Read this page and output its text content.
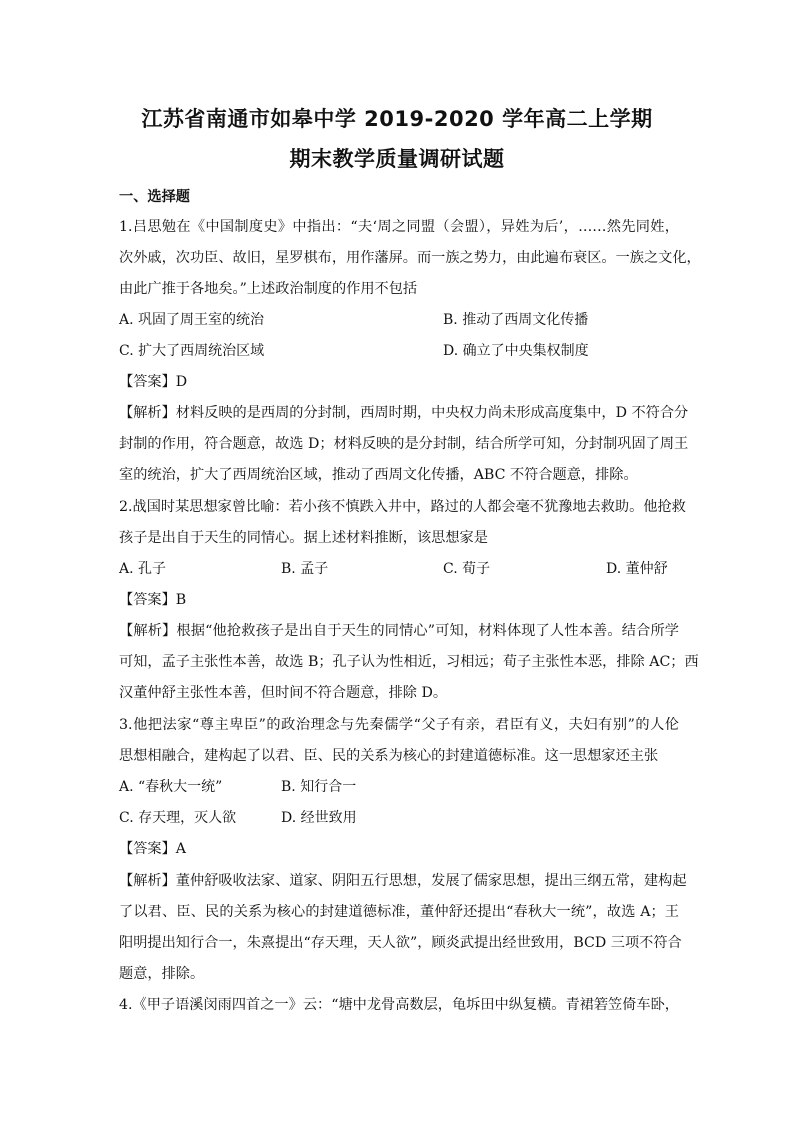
江苏省南通市如皋中学 2019-2020 学年高二上学期
期末教学质量调研试题
一、选择题
1.吕思勉在《中国制度史》中指出：“夫‘周之同盟（会盟），异姓为后’，……然先同姓，
次外戚，次功臣、故旧，星罗棋布，用作藩屏。而一族之势力，由此遍布衰区。一族之文化，
由此广推于各地矣。”上述政治制度的作用不包括
A. 巩固了周王室的统治	B. 推动了西周文化传播
C. 扩大了西周统治区域	D. 确立了中央集权制度
【答案】D
【解析】材料反映的是西周的分封制，西周时期，中央权力尚未形成高度集中，D 不符合分
封制的作用，符合题意，故选 D；材料反映的是分封制，结合所学可知，分封制巩固了周王
室的统治，扩大了西周统治区域，推动了西周文化传播，ABC 不符合题意，排除。
2.战国时某思想家曾比喻：若小孩不慎跌入井中，路过的人都会毫不犹豫地去救助。他抢救
孩子是出自于天生的同情心。据上述材料推断，该思想家是
A. 孔子	B. 孟子	C. 荀子	D. 董仲舒
【答案】B
【解析】根据“他抢救孩子是出自于天生的同情心”可知，材料体现了人性本善。结合所学
可知，孟子主张性本善，故选 B；孔子认为性相近，习相远；荀子主张性本恶，排除 AC；西
汉董仲舒主张性本善，但时间不符合题意，排除 D。
3.他把法家“尊主卑臣”的政治理念与先秦儒学“父子有亲，君臣有义，夫妇有别”的人伦
思想相融合，建构起了以君、臣、民的关系为核心的封建道德标准。这一思想家还主张
A. “春秋大一统”	B. 知行合一
C. 存天理，灭人欲	D. 经世致用
【答案】A
【解析】董仲舒吸收法家、道家、阴阳五行思想，发展了儒家思想，提出三纲五常，建构起
了以君、臣、民的关系为核心的封建道德标准，董仲舒还提出“春秋大一统”，故选 A；王
阳明提出知行合一，朱熹提出“存天理，天人欲”，顾炎武提出经世致用，BCD 三项不符合
题意，排除。
4.《甲子语溪闵雨四首之一》云：“塘中龙骨高数层，龟坼田中纵复横。青裙箬笠倚车卧，
